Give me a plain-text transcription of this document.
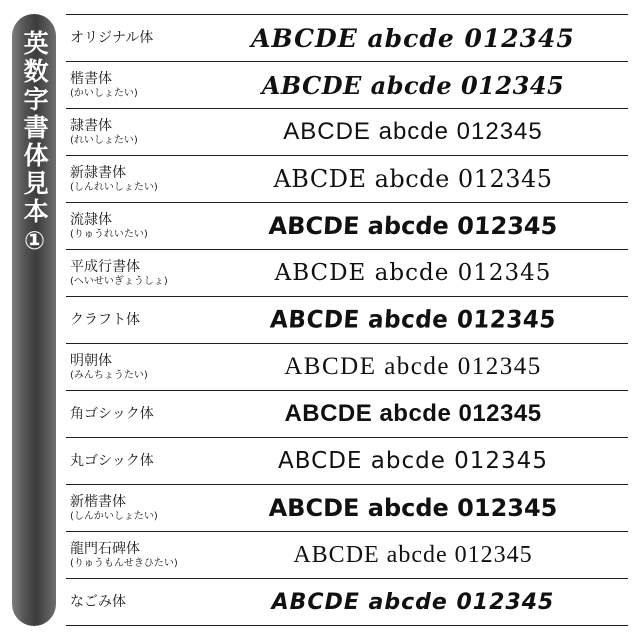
英数字書体見本① オリジナル体	ABCDE abcde 012345
楷書体
(かいしょたい)	ABCDE abcde 012345
隷書体
(れいしょたい)	ABCDE abcde 012345
新隷書体
(しんれいしょたい)	ABCDE abcde 012345
流隷体
(りゅうれいたい)	ABCDE abcde 012345
平成行書体
(へいせいぎょうしょ)	ABCDE abcde 012345
クラフト体	ABCDE abcde 012345
明朝体
(みんちょうたい)	ABCDE abcde 012345
角ゴシック体	ABCDE abcde 012345
丸ゴシック体	ABCDE abcde 012345
新楷書体
(しんかいしょたい)	ABCDE abcde 012345
龍門石碑体
(りゅうもんせきひたい)	ABCDE abcde 012345
なごみ体	ABCDE abcde 012345
